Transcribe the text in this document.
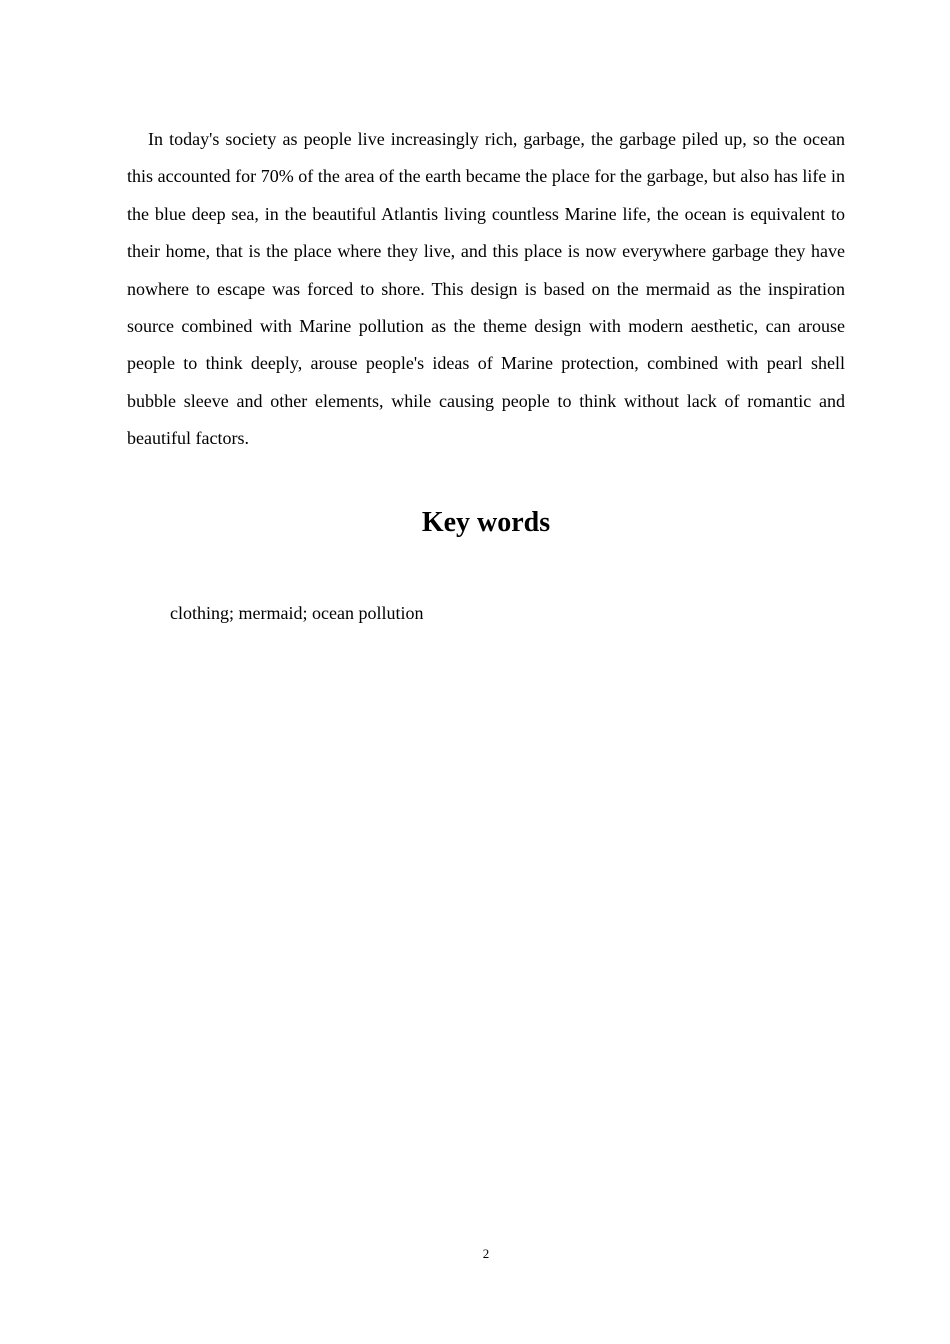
In today's society as people live increasingly rich, garbage, the garbage piled up, so the ocean this accounted for 70% of the area of the earth became the place for the garbage, but also has life in the blue deep sea, in the beautiful Atlantis living countless Marine life, the ocean is equivalent to their home, that is the place where they live, and this place is now everywhere garbage they have nowhere to escape was forced to shore. This design is based on the mermaid as the inspiration source combined with Marine pollution as the theme design with modern aesthetic, can arouse people to think deeply, arouse people's ideas of Marine protection, combined with pearl shell bubble sleeve and other elements, while causing people to think without lack of romantic and beautiful factors.

Key words

clothing; mermaid; ocean pollution

2
